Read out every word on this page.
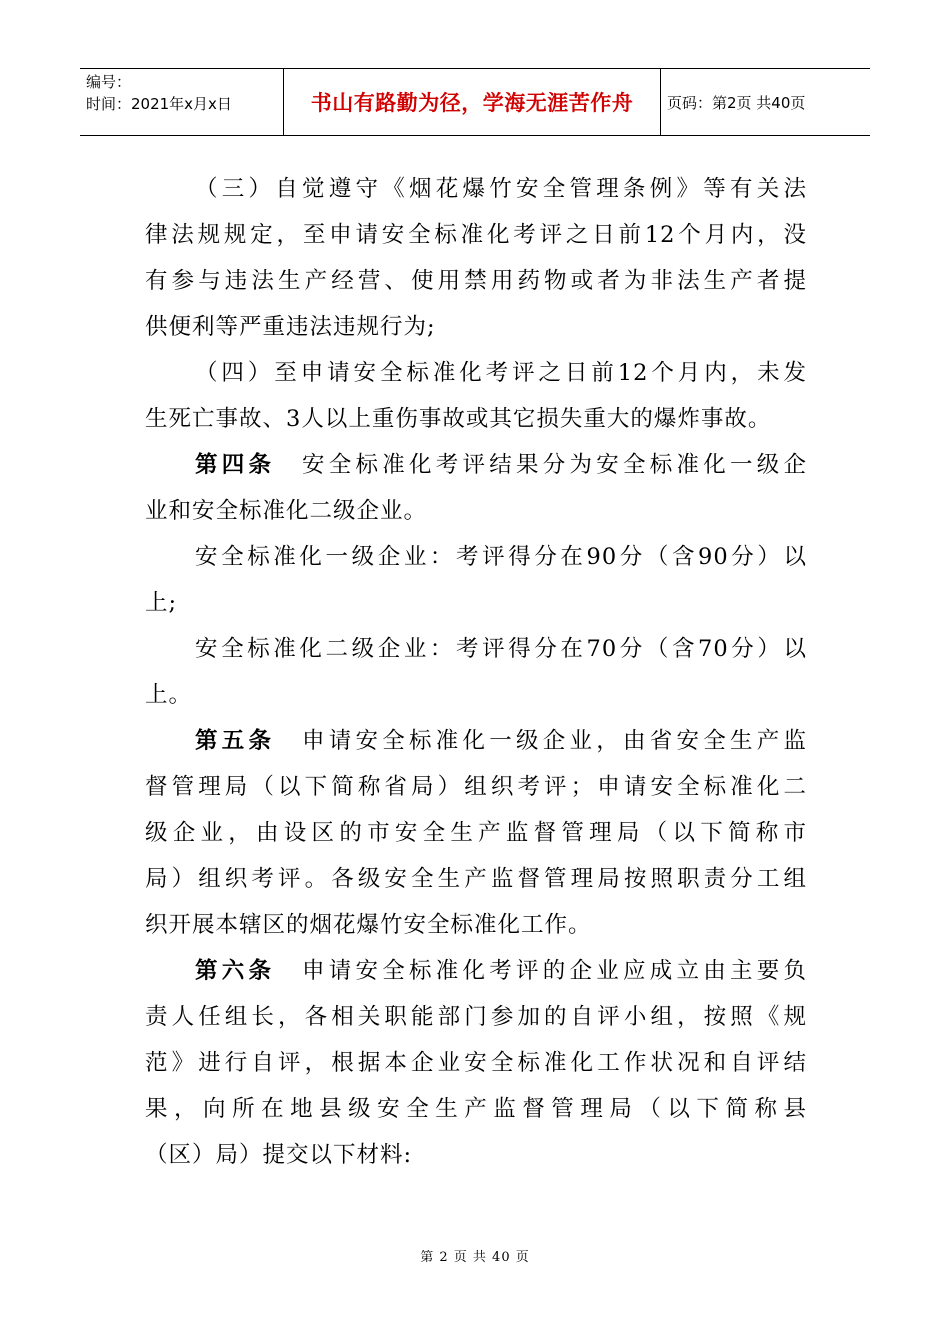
编号：
时间：2021年x月x日	书山有路勤为径，学海无涯苦作舟	页码：第2页 共40页
（三）自觉遵守《烟花爆竹安全管理条例》等有关法
律法规规定，至申请安全标准化考评之日前12个月内，没
有参与违法生产经营、使用禁用药物或者为非法生产者提
供便利等严重违法违规行为;
（四）至申请安全标准化考评之日前12个月内，未发
生死亡事故、3人以上重伤事故或其它损失重大的爆炸事故。
第四条  安全标准化考评结果分为安全标准化一级企
业和安全标准化二级企业。
安全标准化一级企业：考评得分在90分（含90分）以
上;
安全标准化二级企业：考评得分在70分（含70分）以
上。
第五条  申请安全标准化一级企业，由省安全生产监
督管理局（以下简称省局）组织考评；申请安全标准化二
级企业，由设区的市安全生产监督管理局（以下简称市
局）组织考评。各级安全生产监督管理局按照职责分工组
织开展本辖区的烟花爆竹安全标准化工作。
第六条  申请安全标准化考评的企业应成立由主要负
责人任组长，各相关职能部门参加的自评小组，按照《规
范》进行自评，根据本企业安全标准化工作状况和自评结
果，向所在地县级安全生产监督管理局（以下简称县
（区）局）提交以下材料:
第 2 页 共 40 页
